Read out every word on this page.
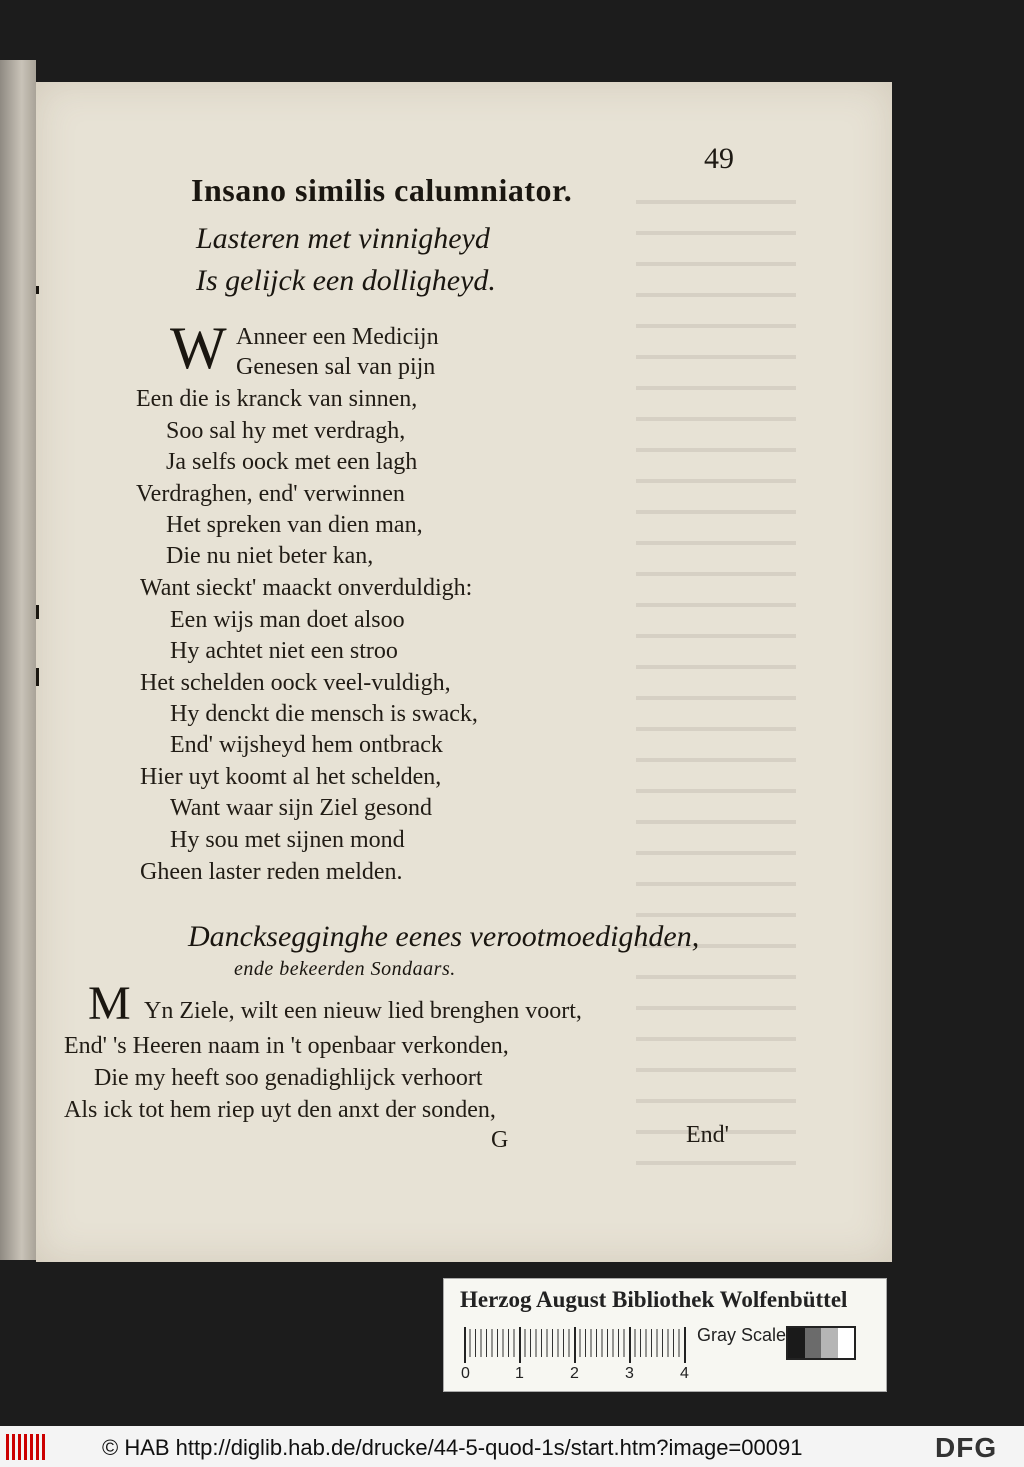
49
Insano similis calumniator.
Lasteren met vinnigheyd
Is gelijck een dolligheyd.
W Anneer een Medicijn
Genesen sal van pijn
Een die is kranck van sinnen,
Soo sal hy met verdragh,
Ja selfs oock met een lagh
Verdraghen, end' verwinnen
Het spreken van dien man,
Die nu niet beter kan,
Want sieckt' maackt onverduldigh:
Een wijs man doet alsoo
Hy achtet niet een stroo
Het schelden oock veel-vuldigh,
Hy denckt die mensch is swack,
End' wijsheyd hem ontbrack
Hier uyt koomt al het schelden,
Want waar sijn Ziel gesond
Hy sou met sijnen mond
Gheen laster reden melden.
Dancksegginghe eenes verootmoedighden,
ende bekeerden Sondaars.
M Yn Ziele, wilt een nieuw lied brenghen voort,
End' 's Heeren naam in 't openbaar verkonden,
Die my heeft soo genadighlijck verhoort
Als ick tot hem riep uyt den anxt der sonden,
G	End'
Herzog August Bibliothek Wolfenbüttel
0	1	2	3	4
Gray Scale
© HAB http://diglib.hab.de/drucke/44-5-quod-1s/start.htm?image=00091	DFG
